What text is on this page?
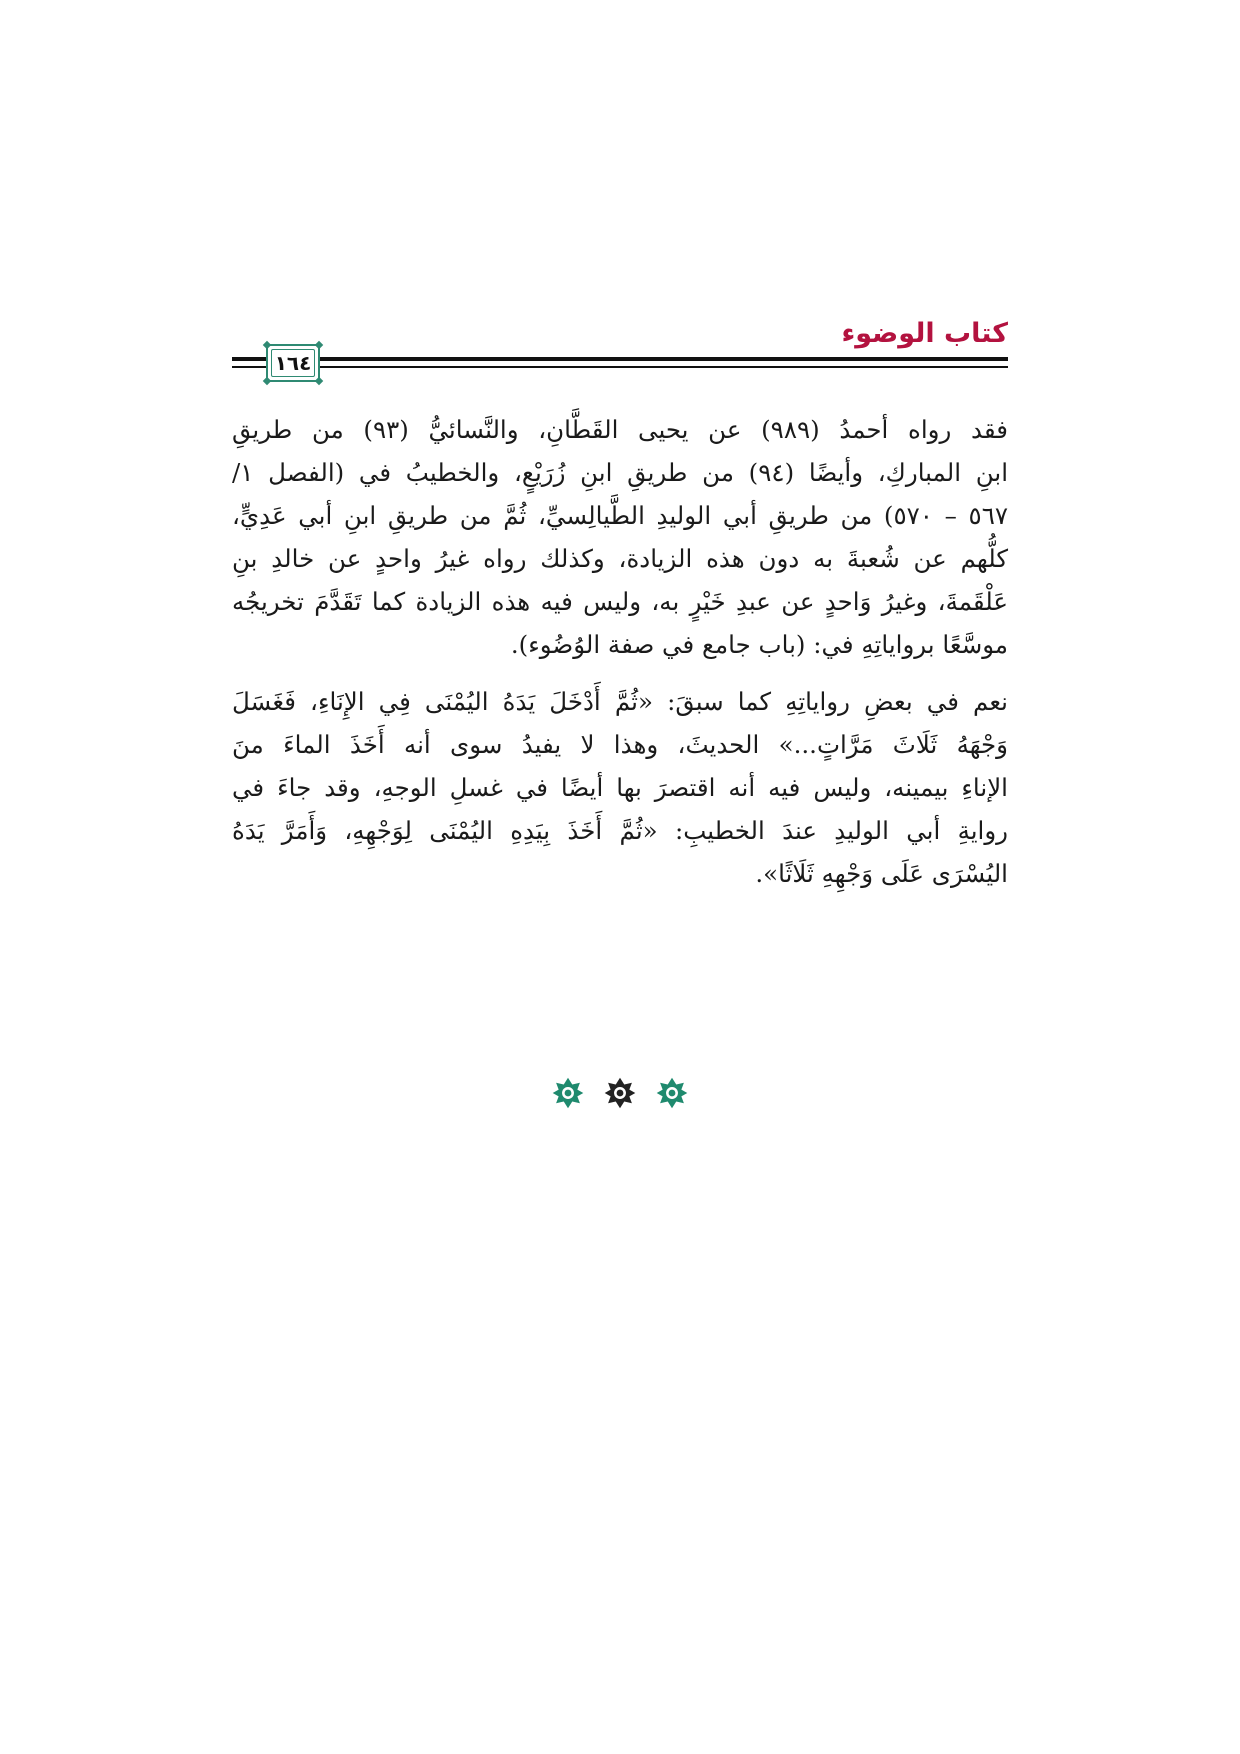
كتاب الوضوء
١٦٤

فقد رواه أحمدُ (٩٨٩) عن يحيى القَطَّانِ، والنَّسائيُّ (٩٣) من طريقِ
ابنِ المباركِ، وأيضًا (٩٤) من طريقِ ابنِ زُرَيْعٍ، والخطيبُ في (الفصل ١/
٥٦٧ – ٥٧٠) من طريقِ أبي الوليدِ الطَّيالِسيِّ، ثُمَّ من طريقِ ابنِ أبي عَدِيٍّ،
كلُّهم عن شُعبةَ به دون هذه الزيادة، وكذلك رواه غيرُ واحدٍ عن خالدِ بنِ
عَلْقَمةَ، وغيرُ وَاحدٍ عن عبدِ خَيْرٍ به، وليس فيه هذه الزيادة كما تَقَدَّمَ تخريجُه
موسَّعًا برواياتِهِ في: (باب جامع في صفة الوُضُوء).

نعم في بعضِ رواياتِهِ كما سبقَ: «ثُمَّ أَدْخَلَ يَدَهُ اليُمْنَى فِي الإِنَاءِ، فَغَسَلَ
وَجْهَهُ ثَلَاثَ مَرَّاتٍ...» الحديثَ، وهذا لا يفيدُ سوى أنه أَخَذَ الماءَ منَ
الإناءِ بيمينه، وليس فيه أنه اقتصرَ بها أيضًا في غسلِ الوجهِ، وقد جاءَ في
روايةِ أبي الوليدِ عندَ الخطيبِ: «ثُمَّ أَخَذَ بِيَدِهِ اليُمْنَى لِوَجْهِهِ، وَأَمَرَّ يَدَهُ
اليُسْرَى عَلَى وَجْهِهِ ثَلَاثًا».
